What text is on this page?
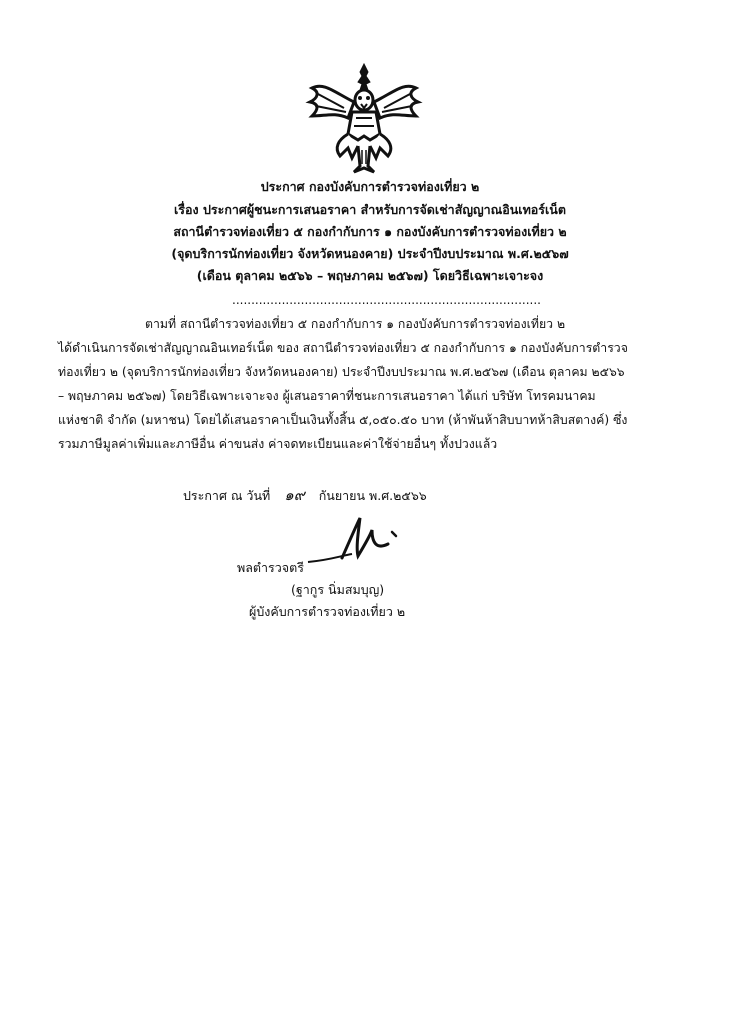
ประกาศ กองบังคับการตำรวจท่องเที่ยว ๒
เรื่อง ประกาศผู้ชนะการเสนอราคา สำหรับการจัดเช่าสัญญาณอินเทอร์เน็ต
สถานีตำรวจท่องเที่ยว ๕ กองกำกับการ ๑ กองบังคับการตำรวจท่องเที่ยว ๒
(จุดบริการนักท่องเที่ยว จังหวัดหนองคาย) ประจำปีงบประมาณ พ.ศ.๒๕๖๗
(เดือน ตุลาคม ๒๕๖๖ – พฤษภาคม ๒๕๖๗) โดยวิธีเฉพาะเจาะจง
.................................................................................
ตามที่ สถานีตำรวจท่องเที่ยว ๕ กองกำกับการ ๑ กองบังคับการตำรวจท่องเที่ยว ๒
ได้ดำเนินการจัดเช่าสัญญาณอินเทอร์เน็ต ของ สถานีตำรวจท่องเที่ยว ๕ กองกำกับการ ๑ กองบังคับการตำรวจ
ท่องเที่ยว ๒ (จุดบริการนักท่องเที่ยว จังหวัดหนองคาย) ประจำปีงบประมาณ พ.ศ.๒๕๖๗ (เดือน ตุลาคม ๒๕๖๖
– พฤษภาคม ๒๕๖๗) โดยวิธีเฉพาะเจาะจง ผู้เสนอราคาที่ชนะการเสนอราคา ได้แก่ บริษัท โทรคมนาคม
แห่งชาติ จำกัด (มหาชน) โดยได้เสนอราคาเป็นเงินทั้งสิ้น ๕,๐๕๐.๕๐ บาท (ห้าพันห้าสิบบาทห้าสิบสตางค์) ซึ่ง
รวมภาษีมูลค่าเพิ่มและภาษีอื่น ค่าขนส่ง ค่าจดทะเบียนและค่าใช้จ่ายอื่นๆ ทั้งปวงแล้ว
ประกาศ ณ วันที่ ๑๙ กันยายน พ.ศ.๒๕๖๖
พลตำรวจตรี
(ฐากูร นิ่มสมบุญ)
ผู้บังคับการตำรวจท่องเที่ยว ๒
